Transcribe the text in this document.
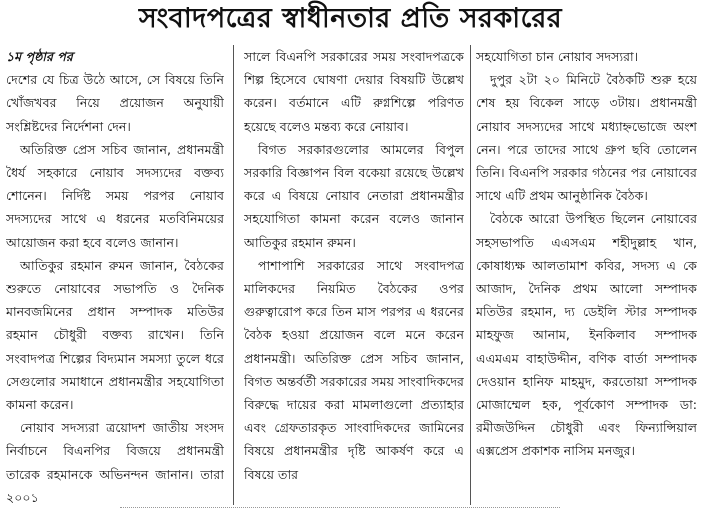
সংবাদপত্রের স্বাধীনতার প্রতি সরকারের

১ম পৃষ্ঠার পর

দেশের যে চিত্র উঠে আসে, সে বিষয়ে তিনি খোঁজখবর নিয়ে প্রয়োজন অনুযায়ী সংশ্লিষ্টদের নির্দেশনা দেন।

অতিরিক্ত প্রেস সচিব জানান, প্রধানমন্ত্রী ধৈর্য সহকারে নোয়াব সদস্যদের বক্তব্য শোনেন। নির্দিষ্ট সময় পরপর নোয়াব সদস্যদের সাথে এ ধরনের মতবিনিময়ের আয়োজন করা হবে বলেও জানান।

আতিকুর রহমান রুমন জানান, বৈঠকের শুরুতে নোয়াবের সভাপতি ও দৈনিক মানবজমিনের প্রধান সম্পাদক মতিউর রহমান চৌধুরী বক্তব্য রাখেন। তিনি সংবাদপত্র শিল্পের বিদ্যমান সমস্যা তুলে ধরে সেগুলোর সমাধানে প্রধানমন্ত্রীর সহযোগিতা কামনা করেন।

নোয়াব সদস্যরা ত্রয়োদশ জাতীয় সংসদ নির্বাচনে বিএনপির বিজয়ে প্রধানমন্ত্রী তারেক রহমানকে অভিনন্দন জানান। তারা ২০০১

সালে বিএনপি সরকারের সময় সংবাদপত্রকে শিল্প হিসেবে ঘোষণা দেয়ার বিষয়টি উল্লেখ করেন। বর্তমানে এটি রুগ্নশিল্পে পরিণত হয়েছে বলেও মন্তব্য করে নোয়াব।

বিগত সরকারগুলোর আমলের বিপুল সরকারি বিজ্ঞাপন বিল বকেয়া রয়েছে উল্লেখ করে এ বিষয়ে নোয়াব নেতারা প্রধানমন্ত্রীর সহযোগিতা কামনা করেন বলেও জানান আতিকুর রহমান রুমন।

পাশাপাশি সরকারের সাথে সংবাদপত্র মালিকদের নিয়মিত বৈঠকের ওপর গুরুত্বারোপ করে তিন মাস পরপর এ ধরনের বৈঠক হওয়া প্রয়োজন বলে মনে করেন প্রধানমন্ত্রী। অতিরিক্ত প্রেস সচিব জানান, বিগত অন্তর্বর্তী সরকারের সময় সাংবাদিকদের বিরুদ্ধে দায়ের করা মামলাগুলো প্রত্যাহার এবং গ্রেফতারকৃত সাংবাদিকদের জামিনের বিষয়ে প্রধানমন্ত্রীর দৃষ্টি আকর্ষণ করে এ বিষয়ে তার

সহযোগিতা চান নোয়াব সদস্যরা।

দুপুর ২টা ২০ মিনিটে বৈঠকটি শুরু হয়ে শেষ হয় বিকেল সাড়ে ৩টায়। প্রধানমন্ত্রী নোয়াব সদস্যদের সাথে মধ্যাহ্নভোজে অংশ নেন। পরে তাদের সাথে গ্রুপ ছবি তোলেন তিনি। বিএনপি সরকার গঠনের পর নোয়াবের সাথে এটি প্রথম আনুষ্ঠানিক বৈঠক।

বৈঠকে আরো উপস্থিত ছিলেন নোয়াবের সহসভাপতি এএসএম শহীদুল্লাহ খান, কোষাধ্যক্ষ আলতামাশ কবির, সদস্য এ কে আজাদ, দৈনিক প্রথম আলো সম্পাদক মতিউর রহমান, দ্য ডেইলি স্টার সম্পাদক মাহফুজ আনাম, ইনকিলাব সম্পাদক এএমএম বাহাউদ্দীন, বণিক বার্তা সম্পাদক দেওয়ান হানিফ মাহমুদ, করতোয়া সম্পাদক মোজাম্মেল হক, পূর্বকোণ সম্পাদক ডা: রমীজউদ্দিন চৌধুরী এবং ফিন্যান্সিয়াল এক্সপ্রেস প্রকাশক নাসিম মনজুর।
